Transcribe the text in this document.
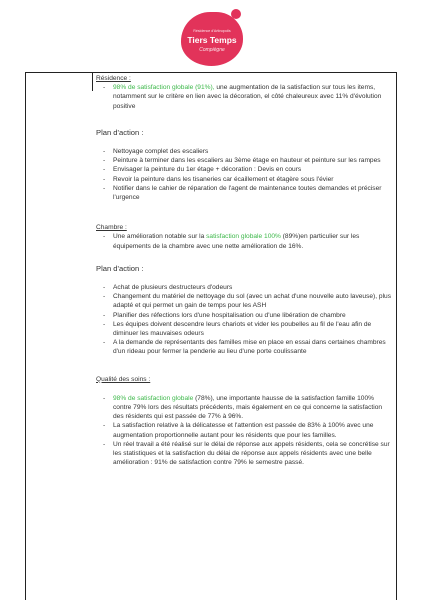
Résidence d'Artinopolis
Tiers Temps
Compiègne

Résidence :

- 98% de satisfaction globale (91%), une augmentation de la satisfaction sur tous les items, notamment sur le critère en lien avec la décoration, el côté chaleureux avec 11% d'évolution positive

Plan d'action :

- Nettoyage complet des escaliers
- Peinture à terminer dans les escaliers au 3ème étage en hauteur et peinture sur les rampes
- Envisager la peinture du 1er étage + décoration : Devis en cours
- Revoir la peinture dans les tisaneries car écaillement et étagère sous l'évier
- Notifier dans le cahier de réparation de l'agent de maintenance toutes demandes et préciser l'urgence

Chambre :

- Une amélioration notable sur la satisfaction globale 100% (89%)en particulier sur les équipements de la chambre avec une nette amélioration de 16%.

Plan d'action :

- Achat de plusieurs destructeurs d'odeurs
- Changement du matériel de nettoyage du sol (avec un achat d'une nouvelle auto laveuse), plus adapté et qui permet un gain de temps pour les ASH
- Planifier des réfections lors d'une hospitalisation ou d'une libération de chambre
- Les équipes doivent descendre leurs chariots et vider les poubelles au fil de l'eau afin de diminuer les mauvaises odeurs
- A la demande de représentants des familles mise en place en essai dans certaines chambres d'un rideau pour fermer la penderie au lieu d'une porte coulissante

Qualité des soins :

- 98% de satisfaction globale (78%), une importante hausse de la satisfaction famille 100% contre 79% lors des résultats précédents, mais également en ce qui concerne la satisfaction des résidents qui est passée de 77% à 96%.
- La satisfaction relative à la délicatesse et l'attention est passée de 83% à 100% avec une augmentation proportionnelle autant pour les résidents que pour les familles.
- Un réel travail a été réalisé sur le délai de réponse aux appels résidents, cela se concrétise sur les statistiques et la satisfaction du délai de réponse aux appels résidents avec une belle amélioration : 91% de satisfaction contre 79% le semestre passé.
